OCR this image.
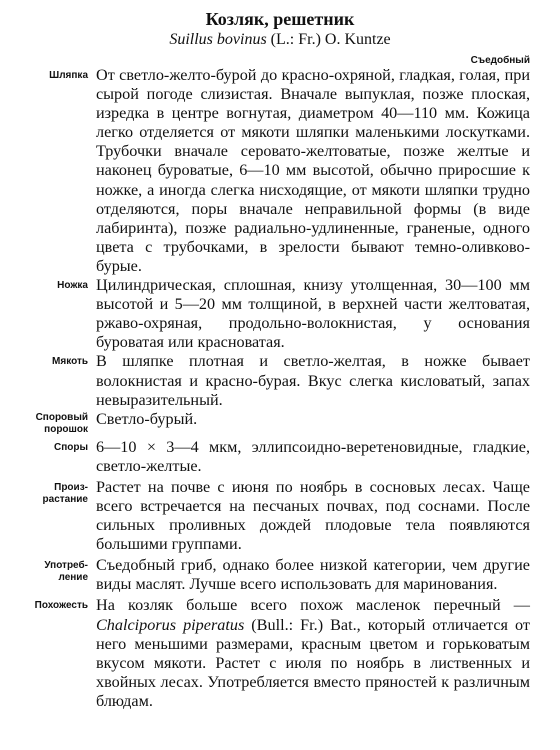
Козляк, решетник

Suillus bovinus (L.: Fr.) O. Kuntze

Съедобный
Шляпка От светло-желто-бурой до красно-охряной, гладкая, голая, при сырой погоде слизистая. Вначале выпуклая, позже плоская, изредка в центре вогнутая, диаметром 40—110 мм. Кожица легко отделяется от мякоти шляпки маленькими лоскутками. Трубочки вначале серовато-желтоватые, позже желтые и наконец буроватые, 6—10 мм высотой, обычно приросшие к ножке, а иногда слегка нисходящие, от мякоти шляпки трудно отделяются, поры вначале неправильной формы (в виде лабиринта), позже радиально-удлиненные, граненые, одного цвета с трубочками, в зрелости бывают темно-оливково-бурые.

Ножка Цилиндрическая, сплошная, книзу утолщенная, 30—100 мм высотой и 5—20 мм толщиной, в верхней части желтоватая, ржаво-охряная, продольно-волокнистая, у основания буроватая или красноватая.

Мякоть В шляпке плотная и светло-желтая, в ножке бывает волокнистая и красно-бурая. Вкус слегка кисловатый, запах невыразительный.

Споровый порошок

Светло-бурый.

Споры 6—10 × 3—4 мкм, эллипсоидно-веретеновидные, гладкие, светло-желтые.

Произ-растание

Растет на почве с июня по ноябрь в сосновых лесах. Чаще всего встречается на песчаных почвах, под соснами. После сильных проливных дождей плодовые тела появляются большими группами.

Употреб-ление

Съедобный гриб, однако более низкой категории, чем другие виды маслят. Лучше всего использовать для маринования.

Похожесть На козляк больше всего похож масленок перечный — Chalciporus piperatus (Bull.: Fr.) Bat., который отличается от него меньшими размерами, красным цветом и горьковатым вкусом мякоти. Растет с июля по ноябрь в лиственных и хвойных лесах. Употребляется вместо пряностей к различным блюдам.
